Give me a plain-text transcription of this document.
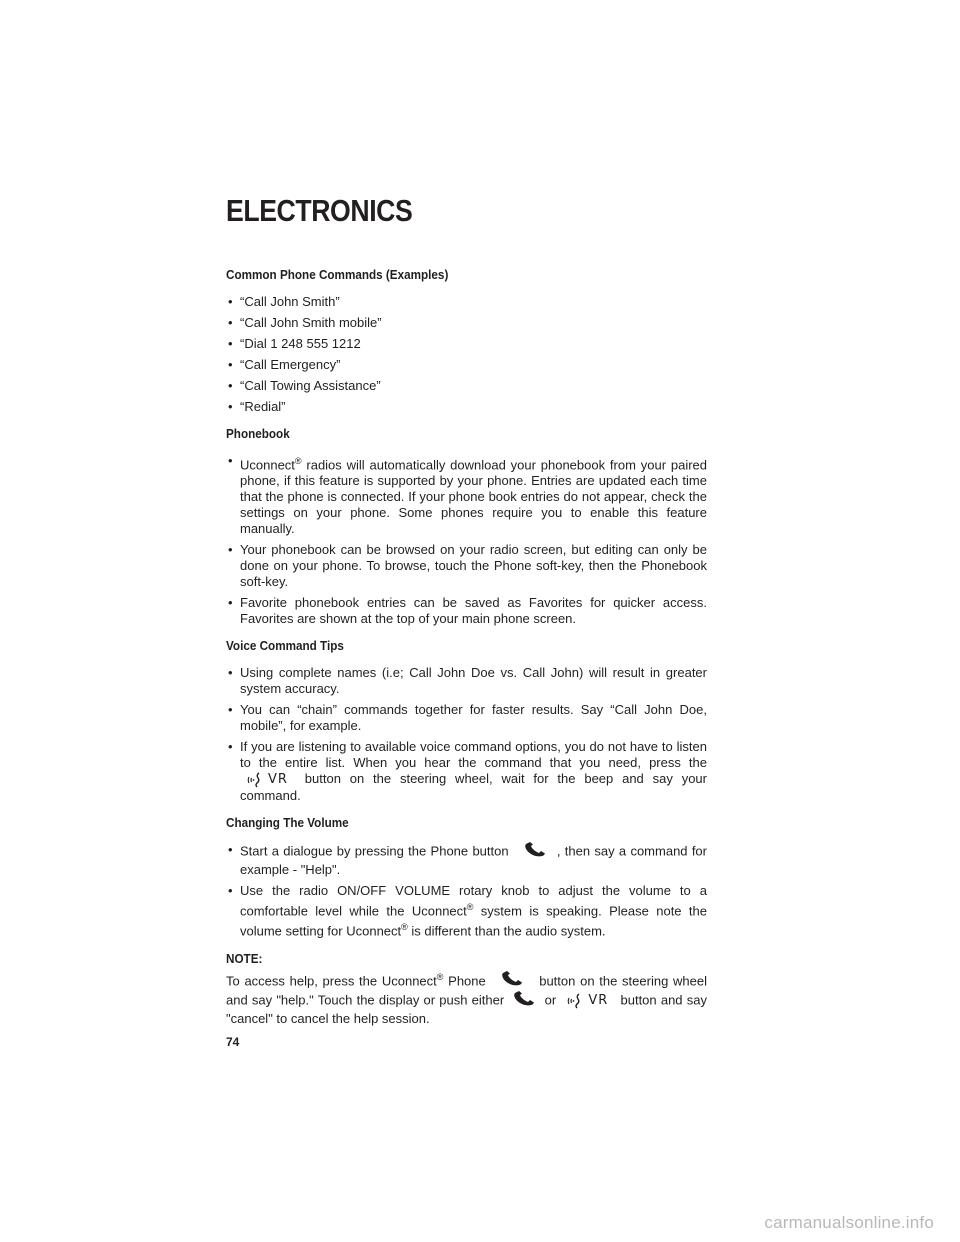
ELECTRONICS
Common Phone Commands (Examples)
• “Call John Smith”
• “Call John Smith mobile”
• “Dial 1 248 555 1212
• “Call Emergency”
• “Call Towing Assistance”
• “Redial”
Phonebook
• Uconnect® radios will automatically download your phonebook from your paired phone, if this feature is supported by your phone. Entries are updated each time that the phone is connected. If your phone book entries do not appear, check the settings on your phone. Some phones require you to enable this feature manually.
• Your phonebook can be browsed on your radio screen, but editing can only be done on your phone. To browse, touch the Phone soft-key, then the Phonebook soft-key.
• Favorite phonebook entries can be saved as Favorites for quicker access. Favorites are shown at the top of your main phone screen.
Voice Command Tips
• Using complete names (i.e; Call John Doe vs. Call John) will result in greater system accuracy.
• You can “chain” commands together for faster results. Say “Call John Doe, mobile”, for example.
• If you are listening to available voice command options, you do not have to listen to the entire list. When you hear the command that you need, press the
VR button on the steering wheel, wait for the beep and say your command.
Changing The Volume
• Start a dialogue by pressing the Phone button	, then say a command for example - "Help".
• Use the radio ON/OFF VOLUME rotary knob to adjust the volume to a comfortable level while the Uconnect® system is speaking. Please note the volume setting for Uconnect® is different than the audio system.
NOTE:

To access help, press the Uconnect® Phone	button on the steering wheel and say "help." Touch the display or push either	or VR button and say "cancel" to cancel the help session.

74
carmanualsonline.info
